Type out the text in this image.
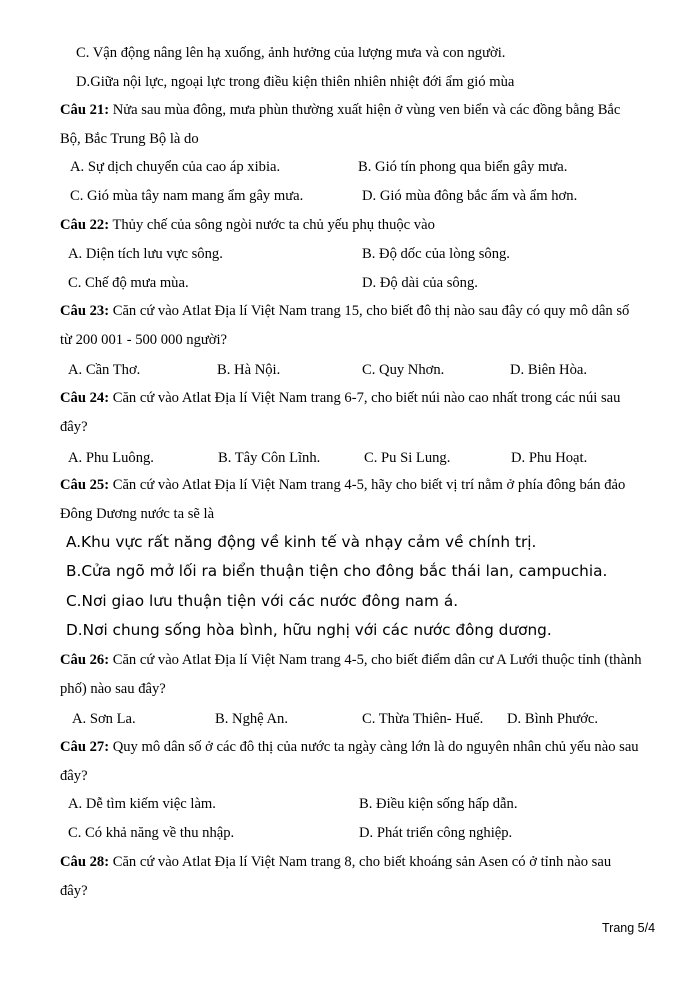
C. Vận động nâng lên hạ xuống, ảnh hưởng của lượng mưa và con người.
D.Giữa nội lực, ngoại lực trong điều kiện thiên nhiên nhiệt đới ẩm gió mùa
Câu 21: Nửa sau mùa đông, mưa phùn thường xuất hiện ở vùng ven biển và các đồng bằng Bắc Bộ, Bắc Trung Bộ là do
A. Sự dịch chuyển của cao áp xibia.	B. Gió tín phong qua biển gây mưa.
C. Gió mùa tây nam mang ẩm gây mưa.	D. Gió mùa đông bắc ấm và ẩm hơn.
Câu 22: Thủy chế của sông ngòi nước ta chủ yếu phụ thuộc vào
A. Diện tích lưu vực sông.	B. Độ dốc của lòng sông.
C. Chế độ mưa mùa.	D. Độ dài của sông.
Câu 23: Căn cứ vào Atlat Địa lí Việt Nam trang 15, cho biết đô thị nào sau đây có quy mô dân số từ 200 001 - 500 000 người?
A. Cần Thơ.	B. Hà Nội.	C. Quy Nhơn.	D. Biên Hòa.
Câu 24: Căn cứ vào Atlat Địa lí Việt Nam trang 6-7, cho biết núi nào cao nhất trong các núi sau đây?
A. Phu Luông.	B. Tây Côn Lĩnh.	C. Pu Si Lung.	D. Phu Hoạt.
Câu 25: Căn cứ vào Atlat Địa lí Việt Nam trang 4-5, hãy cho biết vị trí nằm ở phía đông bán đảo Đông Dương nước ta sẽ là
A.Khu vực rất năng động về kinh tế và nhạy cảm về chính trị.
B.Cửa ngõ mở lối ra biển thuận tiện cho đông bắc thái lan, campuchia.
C.Nơi giao lưu thuận tiện với các nước đông nam á.
D.Nơi chung sống hòa bình, hữu nghị với các nước đông dương.
Câu 26: Căn cứ vào Atlat Địa lí Việt Nam trang 4-5, cho biết điểm dân cư A Lưới thuộc tỉnh (thành phố) nào sau đây?
A. Sơn La.	B. Nghệ An.	C. Thừa Thiên- Huế. D. Bình Phước.
Câu 27: Quy mô dân số ở các đô thị của nước ta ngày càng lớn là do nguyên nhân chủ yếu nào sau đây?
A. Dễ tìm kiếm việc làm.	B. Điều kiện sống hấp dẫn.
C. Có khả năng về thu nhập.	D. Phát triển công nghiệp.
Câu 28: Căn cứ vào Atlat Địa lí Việt Nam trang 8, cho biết khoáng sản Asen có ở tỉnh nào sau đây?
Trang 5/4
